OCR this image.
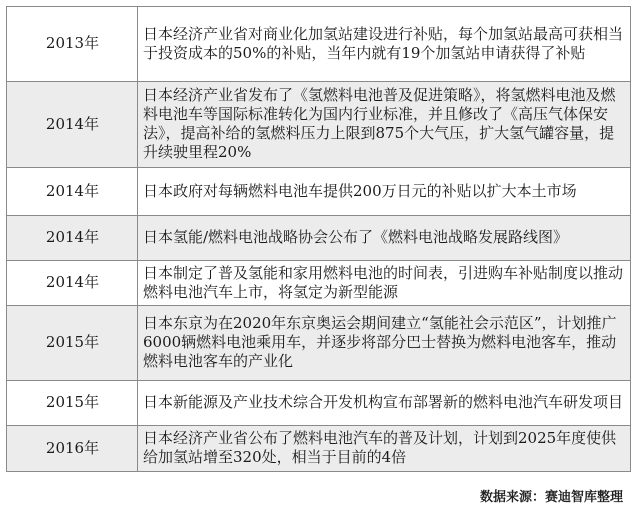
2013年	日本经济产业省对商业化加氢站建设进行补贴，每个加氢站最高可获相当于投资成本的50%的补贴，当年内就有19个加氢站申请获得了补贴
2014年	日本经济产业省发布了《氢燃料电池普及促进策略》，将氢燃料电池及燃料电池车等国际标准转化为国内行业标准，并且修改了《高压气体保安法》，提高补给的氢燃料压力上限到875个大气压，扩大氢气罐容量，提升续驶里程20%
2014年	日本政府对每辆燃料电池车提供200万日元的补贴以扩大本土市场
2014年	日本氢能/燃料电池战略协会公布了《燃料电池战略发展路线图》
2014年	日本制定了普及氢能和家用燃料电池的时间表，引进购车补贴制度以推动燃料电池汽车上市，将氢定为新型能源
2015年	日本东京为在2020年东京奥运会期间建立“氢能社会示范区”，计划推广6000辆燃料电池乘用车，并逐步将部分巴士替换为燃料电池客车，推动燃料电池客车的产业化
2015年	日本新能源及产业技术综合开发机构宣布部署新的燃料电池汽车研发项目
2016年	日本经济产业省公布了燃料电池汽车的普及计划，计划到2025年度使供给加氢站增至320处，相当于目前的4倍
数据来源：赛迪智库整理
